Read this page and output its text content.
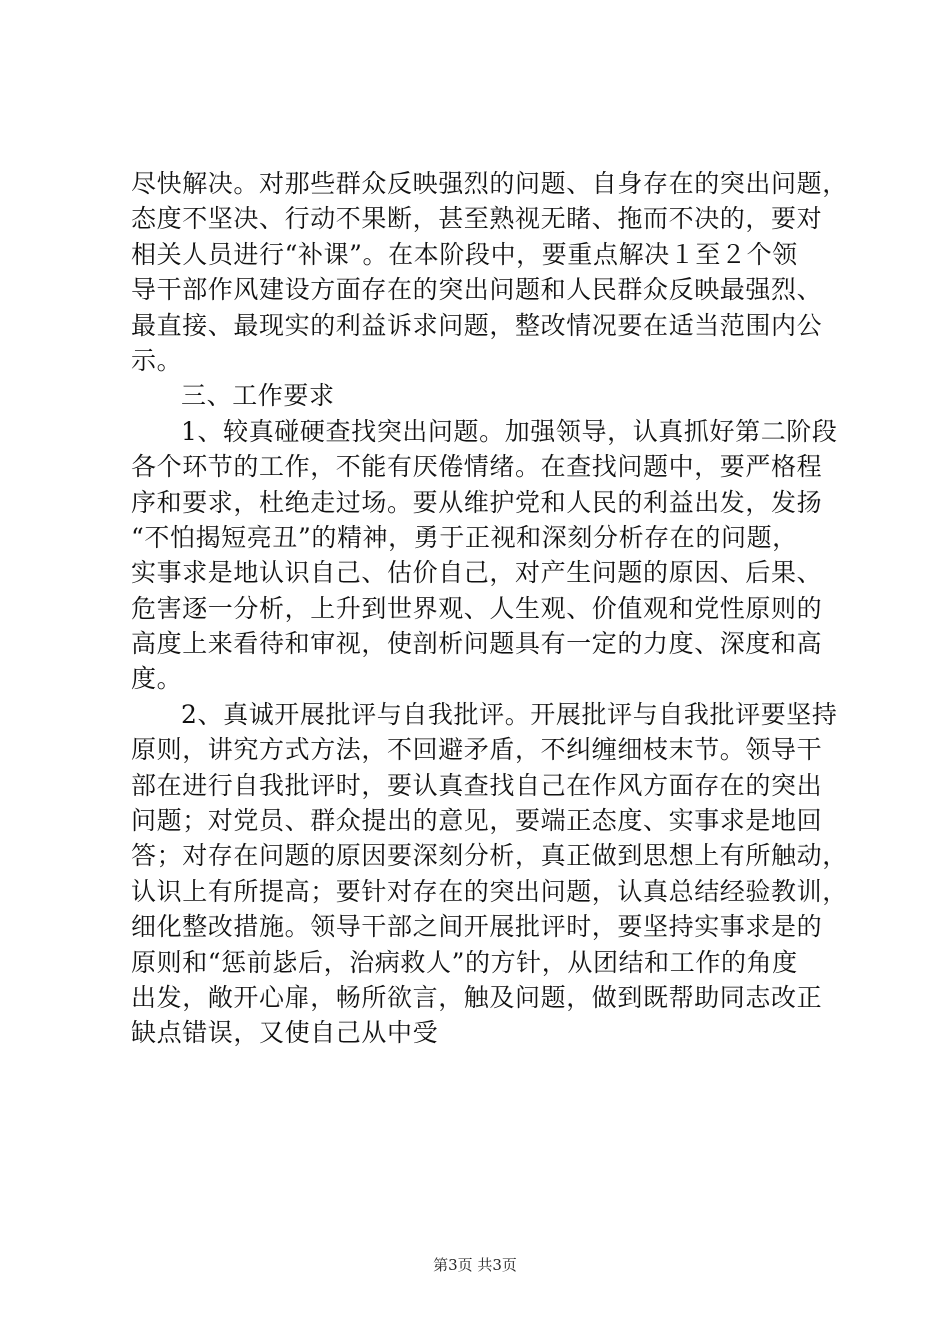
尽快解决。对那些群众反映强烈的问题、自身存在的突出问题，
态度不坚决、行动不果断，甚至熟视无睹、拖而不决的，要对
相关人员进行“补课”。在本阶段中，要重点解决１至２个领
导干部作风建设方面存在的突出问题和人民群众反映最强烈、
最直接、最现实的利益诉求问题，整改情况要在适当范围内公
示。
三、工作要求
1、较真碰硬查找突出问题。加强领导，认真抓好第二阶段
各个环节的工作，不能有厌倦情绪。在查找问题中，要严格程
序和要求，杜绝走过场。要从维护党和人民的利益出发，发扬
“不怕揭短亮丑”的精神，勇于正视和深刻分析存在的问题，
实事求是地认识自己、估价自己，对产生问题的原因、后果、
危害逐一分析，上升到世界观、人生观、价值观和党性原则的
高度上来看待和审视，使剖析问题具有一定的力度、深度和高
度。
2、真诚开展批评与自我批评。开展批评与自我批评要坚持
原则，讲究方式方法，不回避矛盾，不纠缠细枝末节。领导干
部在进行自我批评时，要认真查找自己在作风方面存在的突出
问题；对党员、群众提出的意见，要端正态度、实事求是地回
答；对存在问题的原因要深刻分析，真正做到思想上有所触动，
认识上有所提高；要针对存在的突出问题，认真总结经验教训，
细化整改措施。领导干部之间开展批评时，要坚持实事求是的
原则和“惩前毖后，治病救人”的方针，从团结和工作的角度
出发，敞开心扉，畅所欲言，触及问题，做到既帮助同志改正
缺点错误，又使自己从中受
第3页 共3页
